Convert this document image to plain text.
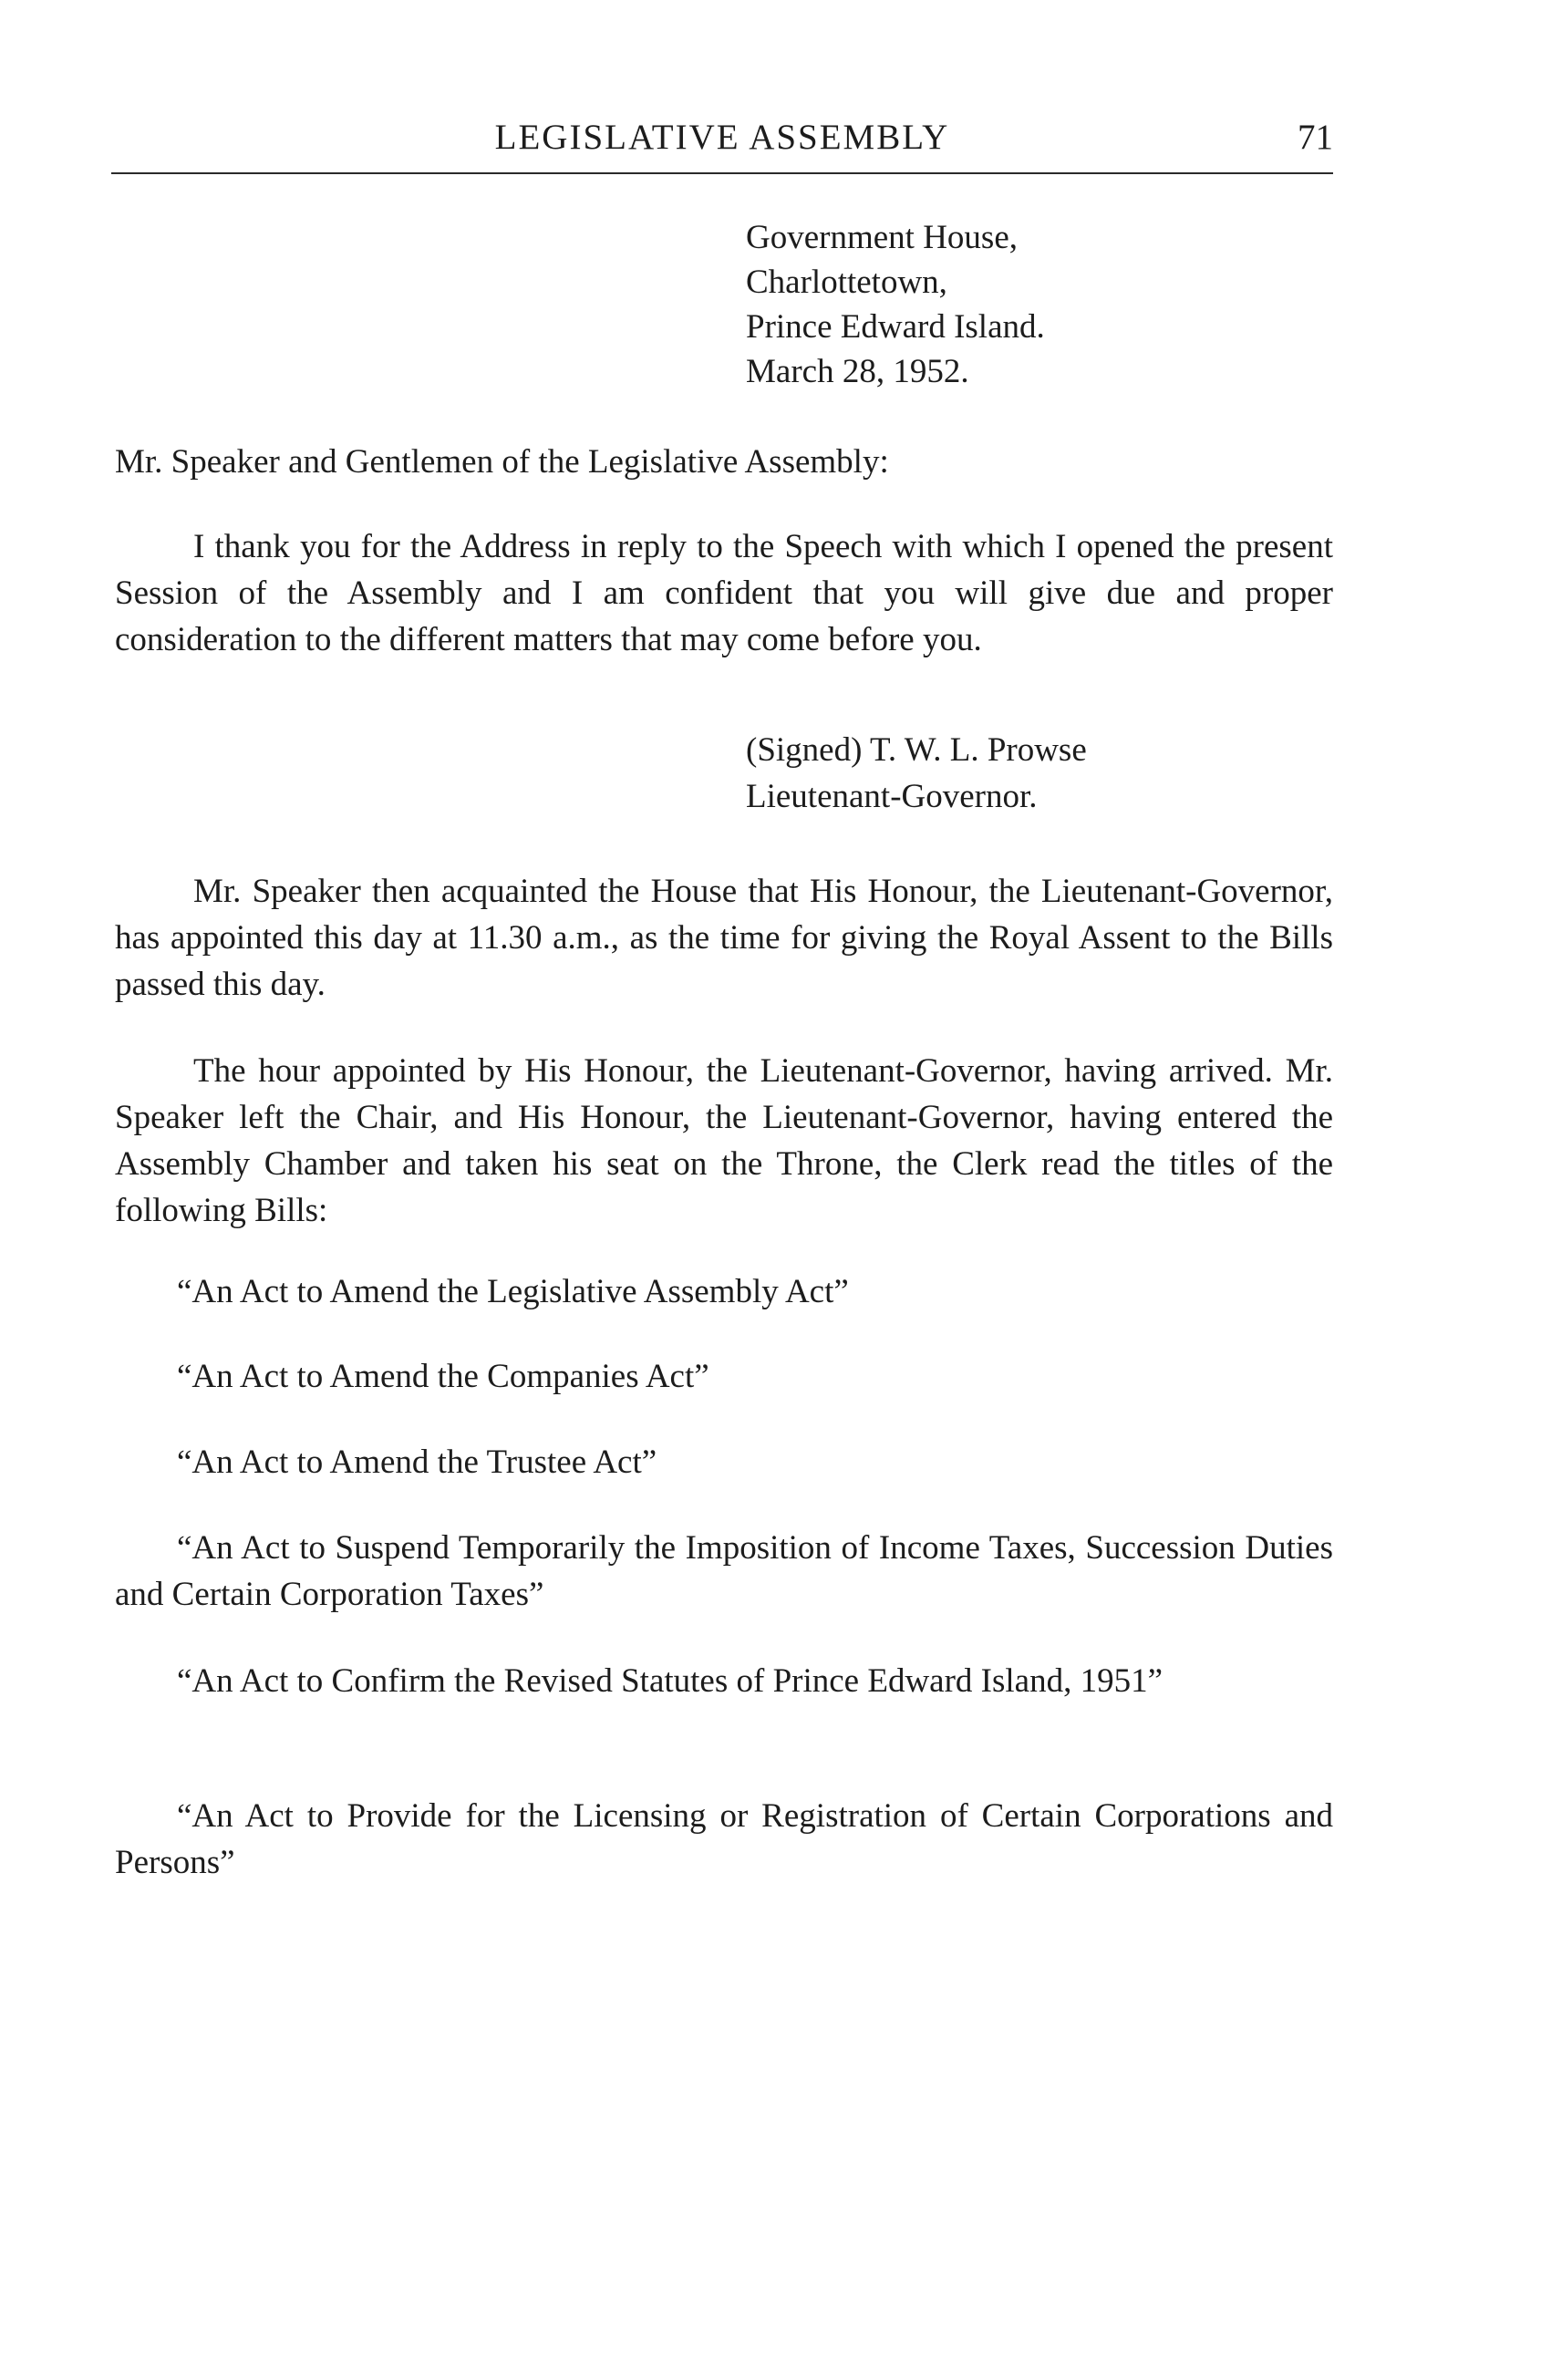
LEGISLATIVE ASSEMBLY	71
Government House,
Charlottetown,
Prince Edward Island.
March 28, 1952.
Mr. Speaker and Gentlemen of the Legislative Assembly:

I thank you for the Address in reply to the Speech with which I opened the present Session of the Assembly and I am confident that you will give due and proper consideration to the different matters that may come before you.

(Signed) T. W. L. Prowse
Lieutenant-Governor.

Mr. Speaker then acquainted the House that His Honour, the Lieutenant-Governor, has appointed this day at 11.30 a.m., as the time for giving the Royal Assent to the Bills passed this day.

The hour appointed by His Honour, the Lieutenant-Governor, having arrived. Mr. Speaker left the Chair, and His Honour, the Lieutenant-Governor, having entered the Assembly Chamber and taken his seat on the Throne, the Clerk read the titles of the following Bills:

“An Act to Amend the Legislative Assembly Act”

“An Act to Amend the Companies Act”

“An Act to Amend the Trustee Act”

“An Act to Suspend Temporarily the Imposition of Income Taxes, Succession Duties and Certain Corporation Taxes”

“An Act to Confirm the Revised Statutes of Prince Edward Island, 1951”

“An Act to Provide for the Licensing or Registration of Certain Corporations and Persons”
